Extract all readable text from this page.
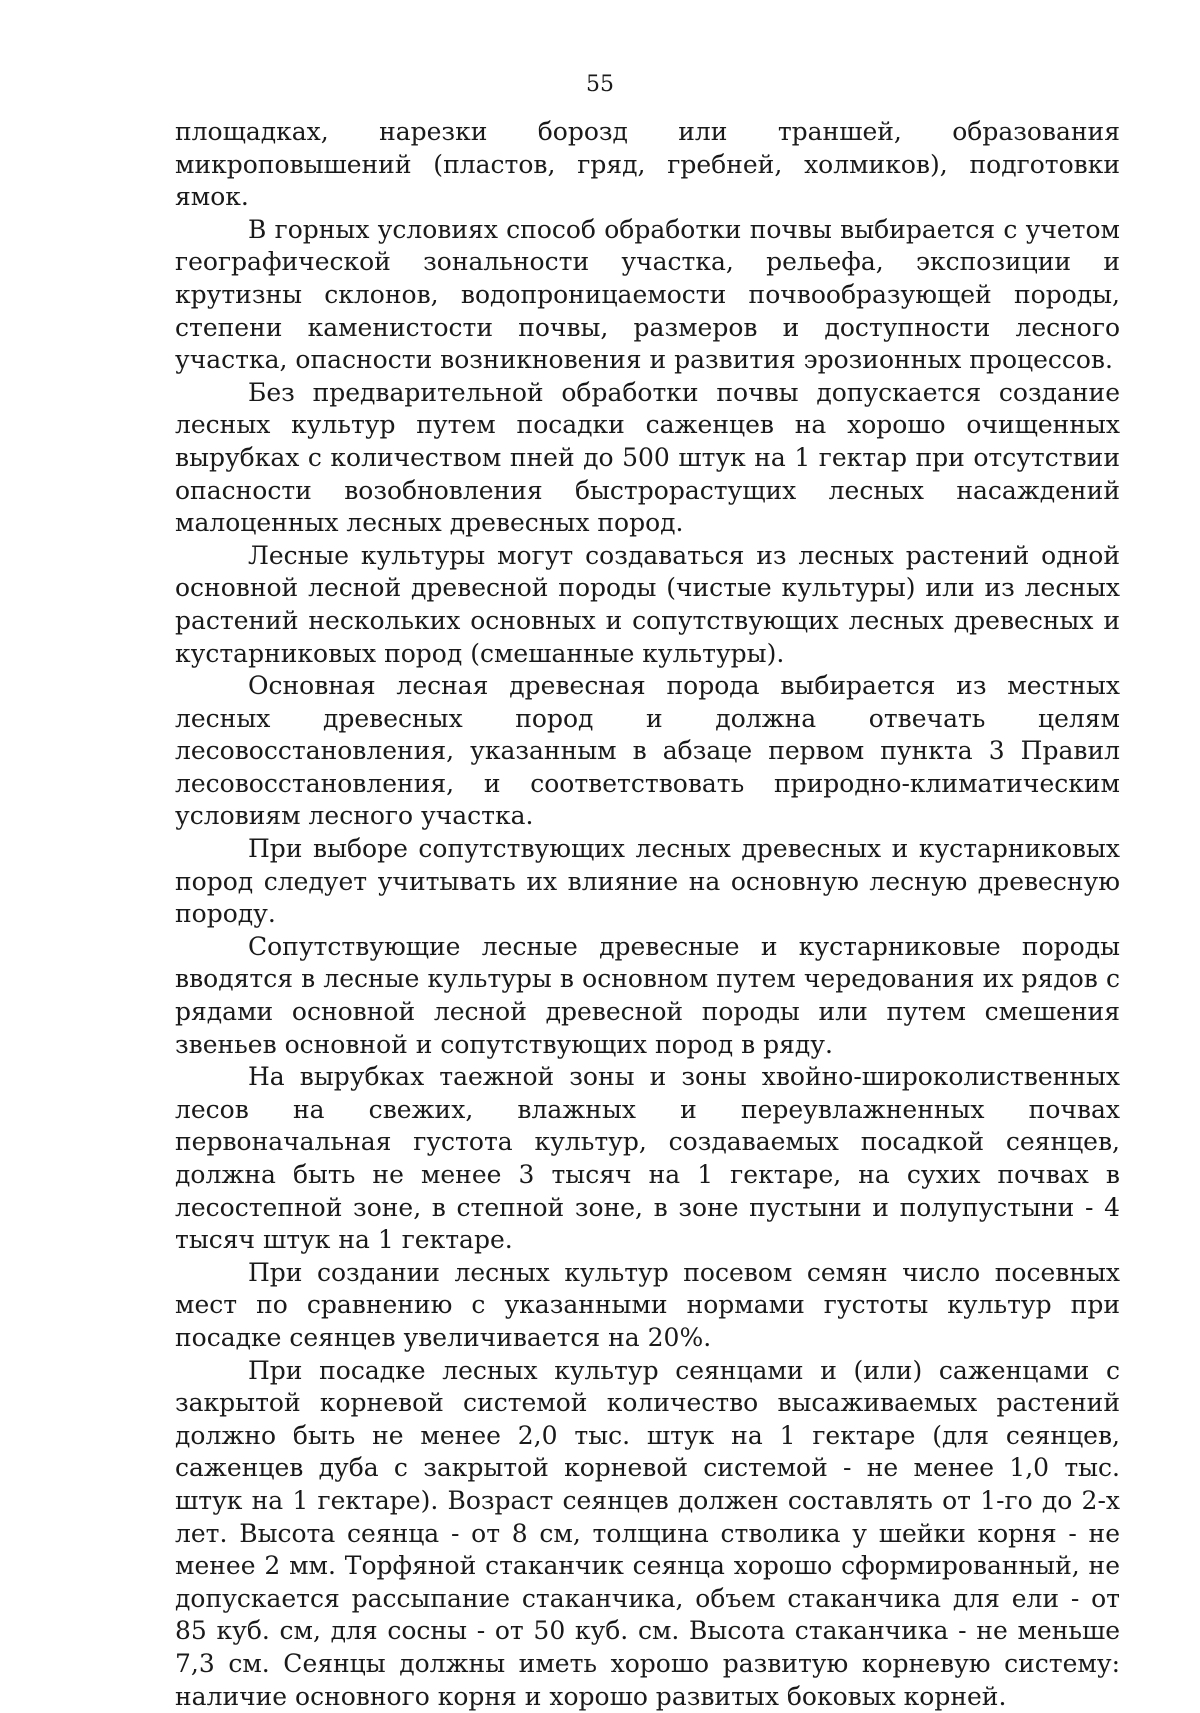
55

площадках, нарезки борозд или траншей, образования микроповышений (пластов, гряд, гребней, холмиков), подготовки ямок.

В горных условиях способ обработки почвы выбирается с учетом географической зональности участка, рельефа, экспозиции и крутизны склонов, водопроницаемости почвообразующей породы, степени каменистости почвы, размеров и доступности лесного участка, опасности возникновения и развития эрозионных процессов.

Без предварительной обработки почвы допускается создание лесных культур путем посадки саженцев на хорошо очищенных вырубках с количеством пней до 500 штук на 1 гектар при отсутствии опасности возобновления быстрорастущих лесных насаждений малоценных лесных древесных пород.

Лесные культуры могут создаваться из лесных растений одной основной лесной древесной породы (чистые культуры) или из лесных растений нескольких основных и сопутствующих лесных древесных и кустарниковых пород (смешанные культуры).

Основная лесная древесная порода выбирается из местных лесных древесных пород и должна отвечать целям лесовосстановления, указанным в абзаце первом пункта 3 Правил лесовосстановления, и соответствовать природно-климатическим условиям лесного участка.

При выборе сопутствующих лесных древесных и кустарниковых пород следует учитывать их влияние на основную лесную древесную породу.

Сопутствующие лесные древесные и кустарниковые породы вводятся в лесные культуры в основном путем чередования их рядов с рядами основной лесной древесной породы или путем смешения звеньев основной и сопутствующих пород в ряду.

На вырубках таежной зоны и зоны хвойно-широколиственных лесов на свежих, влажных и переувлажненных почвах первоначальная густота культур, создаваемых посадкой сеянцев, должна быть не менее 3 тысяч на 1 гектаре, на сухих почвах в лесостепной зоне, в степной зоне, в зоне пустыни и полупустыни - 4 тысяч штук на 1 гектаре.

При создании лесных культур посевом семян число посевных мест по сравнению с указанными нормами густоты культур при посадке сеянцев увеличивается на 20%.

При посадке лесных культур сеянцами и (или) саженцами с закрытой корневой системой количество высаживаемых растений должно быть не менее 2,0 тыс. штук на 1 гектаре (для сеянцев, саженцев дуба с закрытой корневой системой - не менее 1,0 тыс. штук на 1 гектаре). Возраст сеянцев должен составлять от 1-го до 2-х лет. Высота сеянца - от 8 см, толщина стволика у шейки корня - не менее 2 мм. Торфяной стаканчик сеянца хорошо сформированный, не допускается рассыпание стаканчика, объем стаканчика для ели - от 85 куб. см, для сосны - от 50 куб. см. Высота стаканчика - не меньше 7,3 см. Сеянцы должны иметь хорошо развитую корневую систему: наличие основного корня и хорошо развитых боковых корней.
